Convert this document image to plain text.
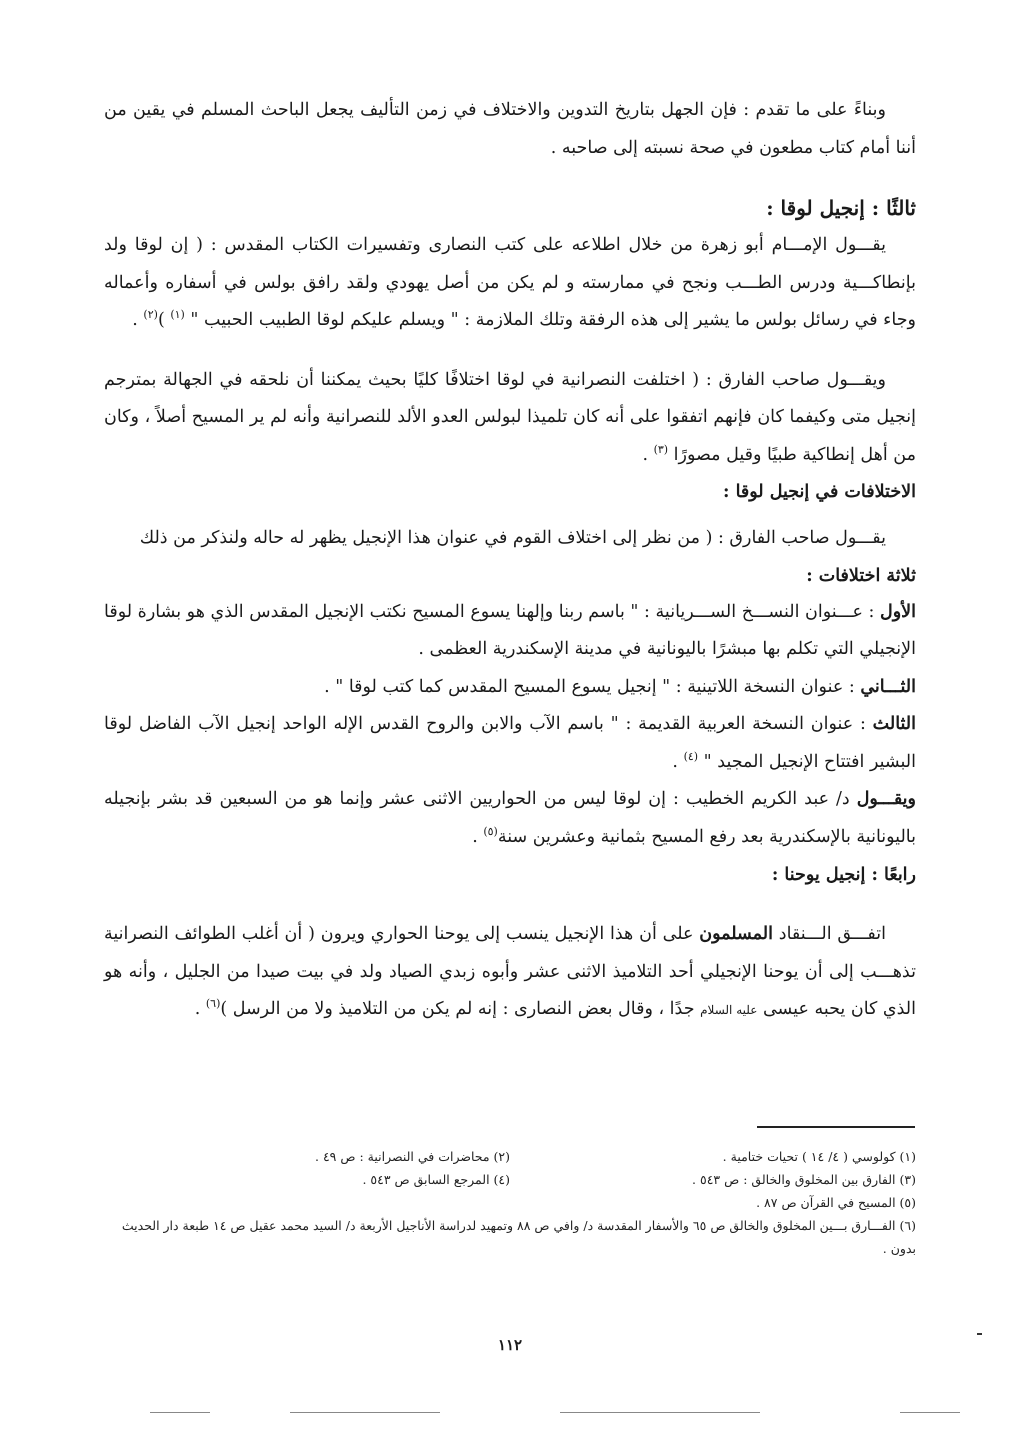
وبناءً على ما تقدم : فإن الجهل بتاريخ التدوين والاختلاف في زمن التأليف يجعل الباحث المسلم في يقين من أننا أمام كتاب مطعون في صحة نسبته إلى صاحبه .

ثالثًا : إنجيل لوقا :

يقـــول الإمـــام أبو زهرة من خلال اطلاعه على كتب النصارى وتفسيرات الكتاب المقدس : ( إن لوقا ولد بإنطاكـــية ودرس الطـــب ونجح في ممارسته و لم يكن من أصل يهودي ولقد رافق بولس في أسفاره وأعماله وجاء في رسائل بولس ما يشير إلى هذه الرفقة وتلك الملازمة : " ويسلم عليكم لوقا الطبيب الحبيب " $^{(١)}$ )$^{(٢)}$ .

ويقـــول صاحب الفارق : ( اختلفت النصرانية في لوقا اختلافًا كليًا بحيث يمكننا أن نلحقه في الجهالة بمترجم إنجيل متى وكيفما كان فإنهم اتفقوا على أنه كان تلميذا لبولس العدو الألد للنصرانية وأنه لم ير المسيح أصلاً ، وكان من أهل إنطاكية طبيًا وقيل مصورًا $^{(٣)}$ .

الاختلافات في إنجيل لوقا :

يقـــول صاحب الفارق : ( من نظر إلى اختلاف القوم في عنوان هذا الإنجيل يظهر له حاله ولنذكر من ذلك

ثلاثة اختلافات :

الأول : عـــنوان النســـخ الســـريانية : " باسم ربنا وإلهنا يسوع المسيح نكتب الإنجيل المقدس الذي هو بشارة لوقا الإنجيلي التي تكلم بها مبشرًا باليونانية في مدينة الإسكندرية العظمى .

الثـــاني : عنوان النسخة اللاتينية : " إنجيل يسوع المسيح المقدس كما كتب لوقا " .

الثالث : عنوان النسخة العربية القديمة : " باسم الآب والابن والروح القدس الإله الواحد إنجيل الآب الفاضل لوقا البشير افتتاح الإنجيل المجيد " $^{(٤)}$ .

ويقـــول د/ عبد الكريم الخطيب : إن لوقا ليس من الحواريين الاثنى عشر وإنما هو من السبعين قد بشر بإنجيله باليونانية بالإسكندرية بعد رفع المسيح بثمانية وعشرين سنة$^{(٥)}$ .

رابعًا : إنجيل يوحنا :

اتفـــق الـــنقاد المسلمون على أن هذا الإنجيل ينسب إلى يوحنا الحواري ويرون ( أن أغلب الطوائف النصرانية تذهـــب إلى أن يوحنا الإنجيلي أحد التلاميذ الاثنى عشر وأبوه زبدي الصياد ولد في بيت صيدا من الجليل ، وأنه هو الذي كان يحبه عيسى عليه السلام جدًا ، وقال بعض النصارى : إنه لم يكن من التلاميذ ولا من الرسل )$^{(٦)}$ .

(١) كولوسي ( ٤/ ١٤ ) تحيات ختامية .
(٢) محاضرات في النصرانية : ص ٤٩ .
(٣) الفارق بين المخلوق والخالق : ص ٥٤٣ .
(٤) المرجع السابق ص ٥٤٣ .
(٥) المسيح في القرآن ص ٨٧ .
(٦) الفـــارق بـــين المخلوق والخالق ص ٦٥ والأسفار المقدسة د/ وافي ص ٨٨ وتمهيد لدراسة الأناجيل الأربعة د/ السيد محمد عقيل ص ١٤ طبعة دار الحديث بدون .
١١٢
